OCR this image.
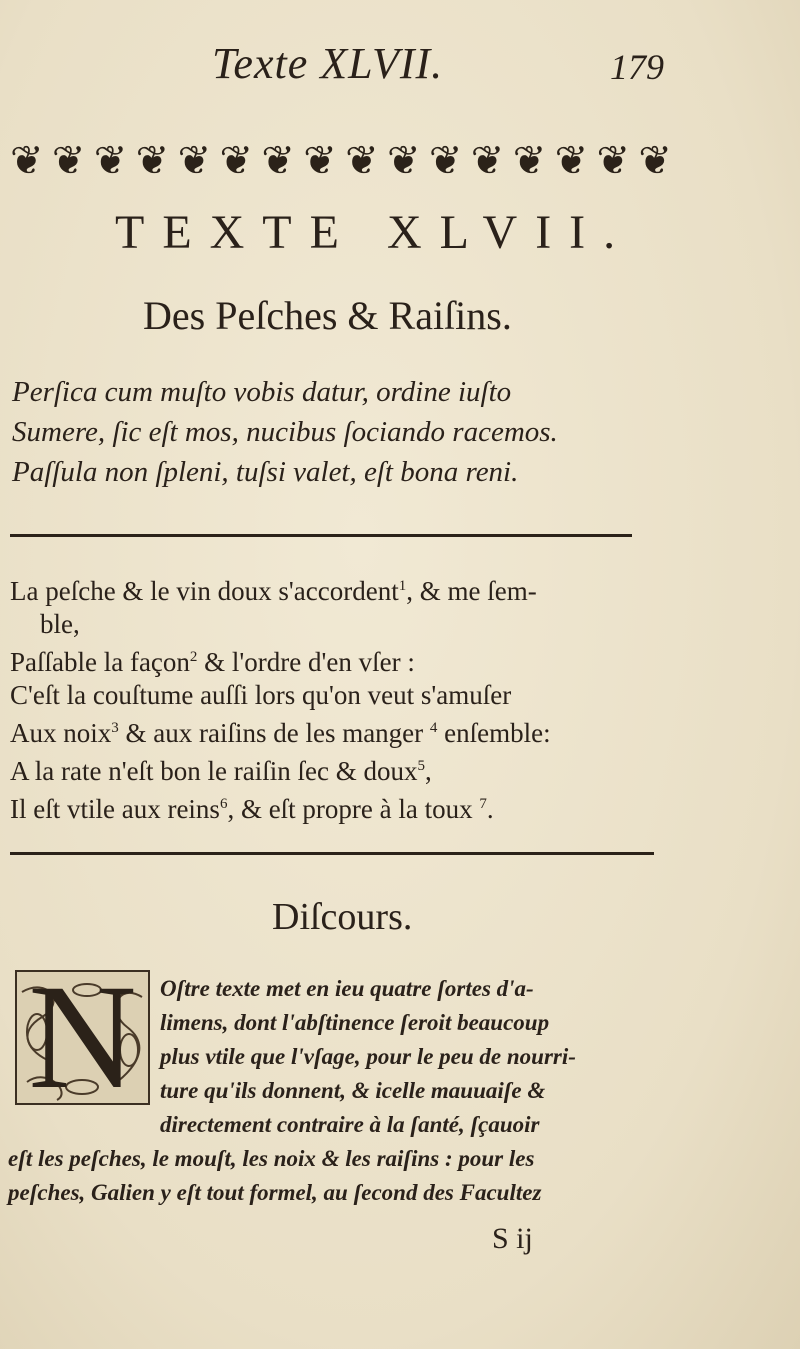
Texte XLVII.	179
❦ ❦ ❦ ❦ ❦ ❦ ❦ ❦ ❦ ❦ ❦ ❦ ❦ ❦ ❦ ❦
TEXTE XLVII.
Des Peſches & Raiſins.
Perſica cum muſto vobis datur, ordine iuſto
Sumere, ſic eſt mos, nucibus ſociando racemos.
Paſſula non ſpleni, tuſsi valet, eſt bona reni.
La peſche & le vin doux s'accordent$^1$, & me ſem-
ble,
Paſſable la façon$^2$ & l'ordre d'en vſer :
C'eſt la couſtume auſſi lors qu'on veut s'amuſer
Aux noix$^3$ & aux raiſins de les manger $^4$ enſemble:
A la rate n'eſt bon le raiſin ſec & doux$^5$,
Il eſt vtile aux reins$^6$, & eſt propre à la toux $^7$.
Diſcours.
N	Oſtre texte met en ieu quatre ſortes d'a-
limens, dont l'abſtinence ſeroit beaucoup
plus vtile que l'vſage, pour le peu de nourri-
ture qu'ils donnent, & icelle mauuaiſe &
directement contraire à la ſanté, ſçauoir
eſt les peſches, le mouſt, les noix & les raiſins : pour les
peſches, Galien y eſt tout formel, au ſecond des Facultez
S ij
